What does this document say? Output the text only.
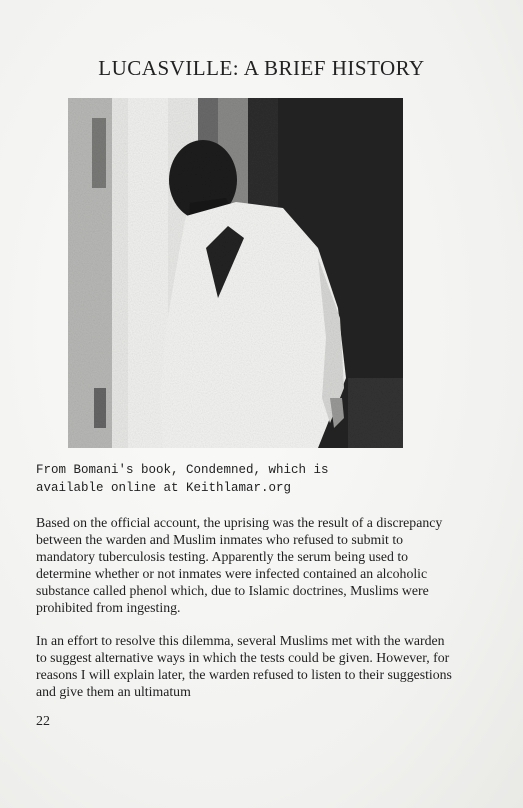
LUCASVILLE: A BRIEF HISTORY
From Bomani's book, Condemned, which is
available online at Keithlamar.org
Based on the official account, the uprising was the result of a discrepancy between the warden and Muslim inmates who refused to submit to mandatory tuberculosis testing. Apparently the serum being used to determine whether or not inmates were infected contained an alcoholic substance called phenol which, due to Islamic doctrines, Muslims were prohibited from ingesting.
In an effort to resolve this dilemma, several Muslims met with the warden to suggest alternative ways in which the tests could be given. However, for reasons I will explain later, the warden refused to listen to their suggestions and give them an ultimatum
22
